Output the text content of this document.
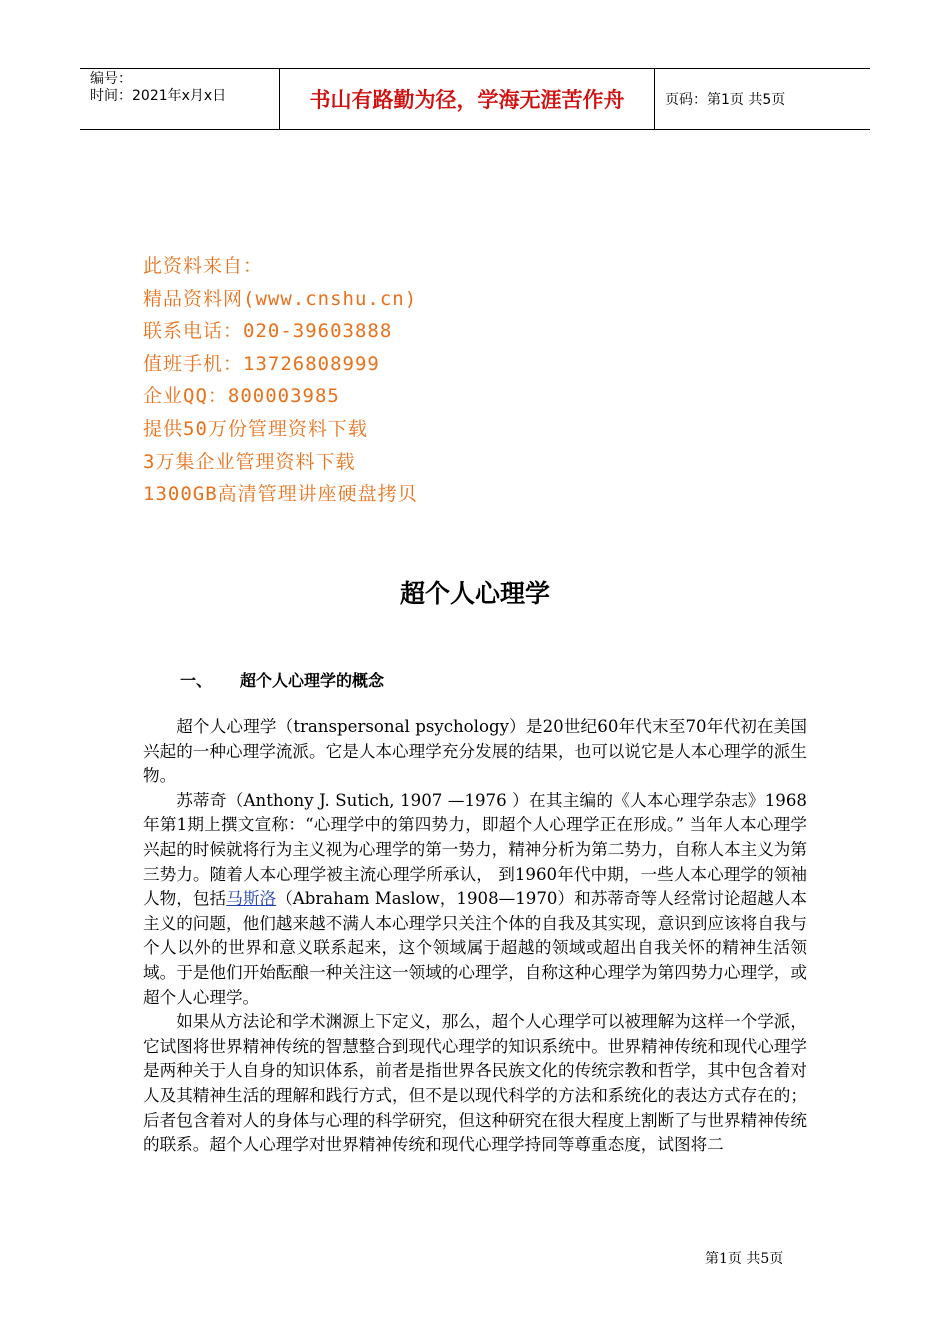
编号：
时间：2021年x月x日	书山有路勤为径，学海无涯苦作舟	页码：第1页 共5页
此资料来自：
精品资料网(www.cnshu.cn)
联系电话：020-39603888
值班手机：13726808999
企业QQ：800003985
提供50万份管理资料下载
3万集企业管理资料下载
1300GB高清管理讲座硬盘拷贝
超个人心理学
一、	超个人心理学的概念

超个人心理学（transpersonal psychology）是20世纪60年代末至70年代初在美国兴起的一种心理学流派。它是人本心理学充分发展的结果，也可以说它是人本心理学的派生物。

苏蒂奇（Anthony J. Sutich, 1907 —1976 ）在其主编的《人本心理学杂志》1968年第1期上撰文宣称：“心理学中的第四势力，即超个人心理学正在形成。” 当年人本心理学兴起的时候就将行为主义视为心理学的第一势力，精神分析为第二势力，自称人本主义为第三势力。随着人本心理学被主流心理学所承认， 到1960年代中期，一些人本心理学的领袖人物，包括马斯洛（Abraham Maslow，1908—1970）和苏蒂奇等人经常讨论超越人本主义的问题，他们越来越不满人本心理学只关注个体的自我及其实现，意识到应该将自我与个人以外的世界和意义联系起来，这个领域属于超越的领域或超出自我关怀的精神生活领域。于是他们开始酝酿一种关注这一领域的心理学，自称这种心理学为第四势力心理学，或超个人心理学。

如果从方法论和学术渊源上下定义，那么，超个人心理学可以被理解为这样一个学派，它试图将世界精神传统的智慧整合到现代心理学的知识系统中。世界精神传统和现代心理学是两种关于人自身的知识体系，前者是指世界各民族文化的传统宗教和哲学，其中包含着对人及其精神生活的理解和践行方式，但不是以现代科学的方法和系统化的表达方式存在的；后者包含着对人的身体与心理的科学研究，但这种研究在很大程度上割断了与世界精神传统的联系。超个人心理学对世界精神传统和现代心理学持同等尊重态度，试图将二

第1页 共5页
